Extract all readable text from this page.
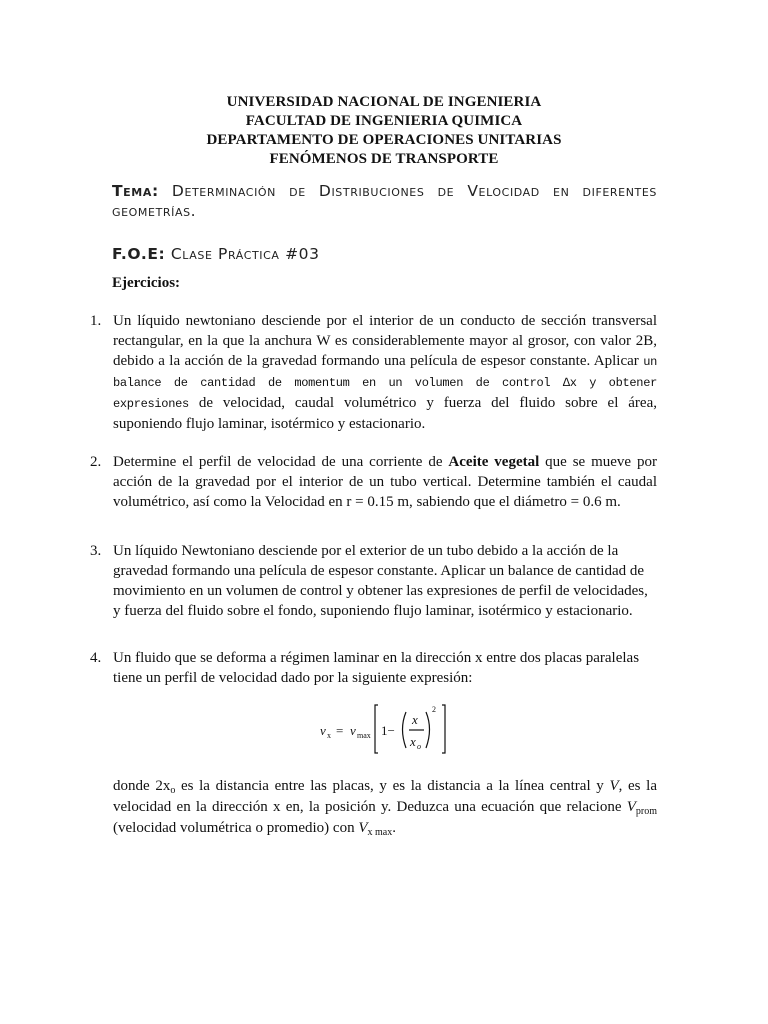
UNIVERSIDAD NACIONAL DE INGENIERIA
FACULTAD DE INGENIERIA QUIMICA
DEPARTAMENTO DE OPERACIONES UNITARIAS
FENÓMENOS DE TRANSPORTE
Tema: Determinación de Distribuciones de Velocidad en diferentes geometrías.
F.O.E: Clase Práctica #03
Ejercicios:
1. Un líquido newtoniano desciende por el interior de un conducto de sección transversal rectangular, en la que la anchura W es considerablemente mayor al grosor, con valor 2B, debido a la acción de la gravedad formando una película de espesor constante. Aplicar un balance de cantidad de momentum en un volumen de control ∆x y obtener expresiones de velocidad, caudal volumétrico y fuerza del fluido sobre el área, suponiendo flujo laminar, isotérmico y estacionario.
2. Determine el perfil de velocidad de una corriente de Aceite vegetal que se mueve por acción de la gravedad por el interior de un tubo vertical. Determine también el caudal volumétrico, así como la Velocidad en r = 0.15 m, sabiendo que el diámetro = 0.6 m.
3. Un líquido Newtoniano desciende por el exterior de un tubo debido a la acción de la gravedad formando una película de espesor constante. Aplicar un balance de cantidad de movimiento en un volumen de control y obtener las expresiones de perfil de velocidades, y fuerza del fluido sobre el fondo, suponiendo flujo laminar, isotérmico y estacionario.
4. Un fluido que se deforma a régimen laminar en la dirección x entre dos placas paralelas tiene un perfil de velocidad dado por la siguiente expresión:
v x = v max 1−
x
x o
2
donde $2x_o$ es la distancia entre las placas, y es la distancia a la línea central y V, es la velocidad en la dirección x en, la posición y. Deduzca una ecuación que relacione $V_{prom}$ (velocidad volumétrica o promedio) con $V_{x max}$.
